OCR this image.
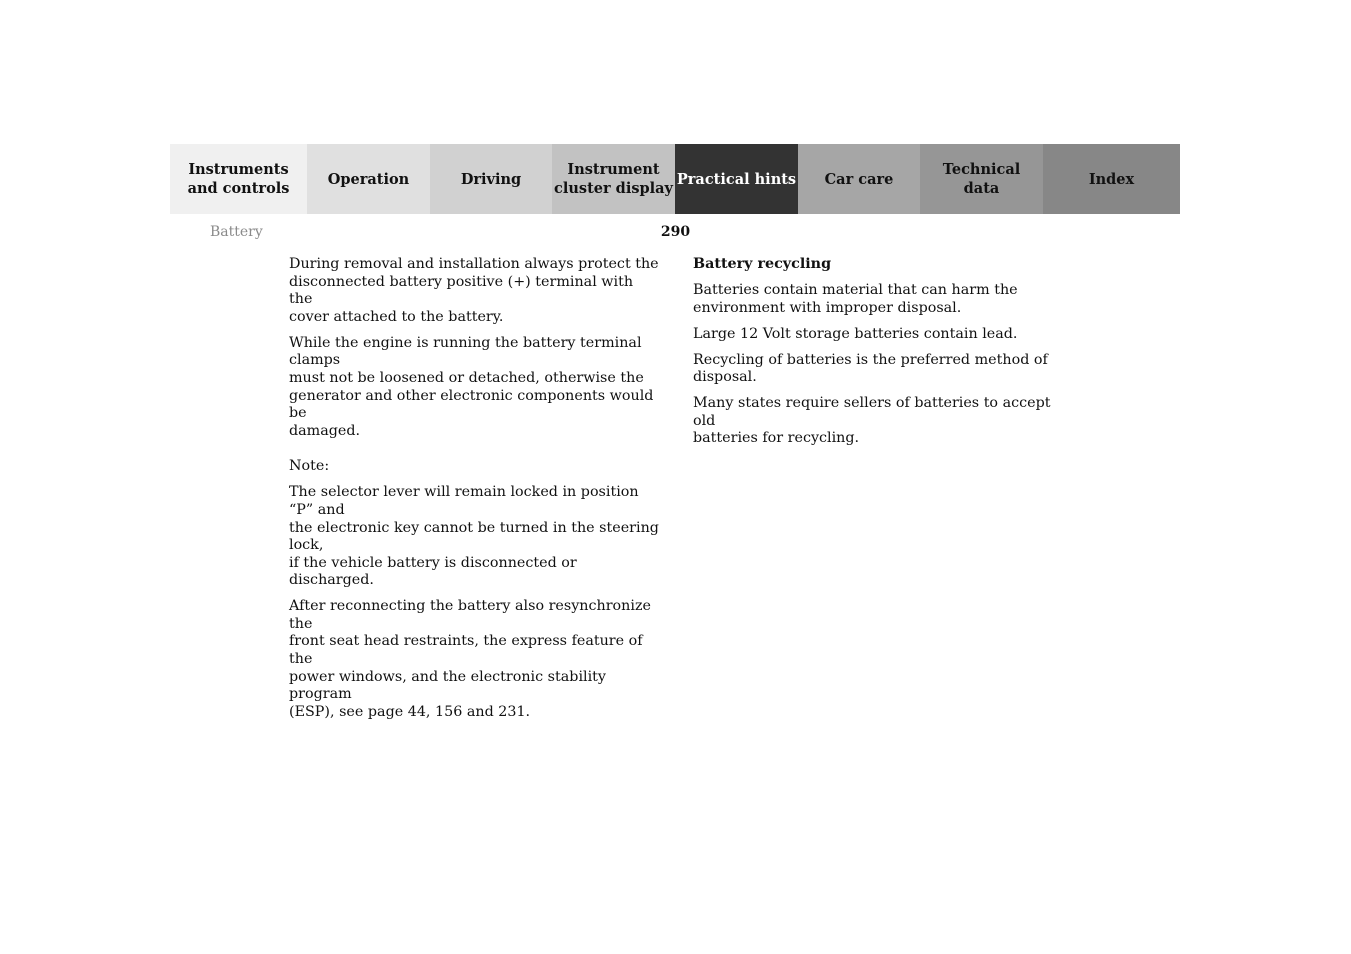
Instruments
and controls
Operation	Driving
Instrument
cluster display
Practical hints Car care
Technical
data
Index
Battery	290

During removal and installation always protect the
disconnected battery positive (+) terminal with the
cover attached to the battery.

While the engine is running the battery terminal clamps
must not be loosened or detached, otherwise the
generator and other electronic components would be
damaged.

Note:

The selector lever will remain locked in position “P” and
the electronic key cannot be turned in the steering lock,
if the vehicle battery is disconnected or discharged.

After reconnecting the battery also resynchronize the
front seat head restraints, the express feature of the
power windows, and the electronic stability program
(ESP), see page 44, 156 and 231.

Battery recycling

Batteries contain material that can harm the
environment with improper disposal.

Large 12 Volt storage batteries contain lead.

Recycling of batteries is the preferred method of
disposal.

Many states require sellers of batteries to accept old
batteries for recycling.
